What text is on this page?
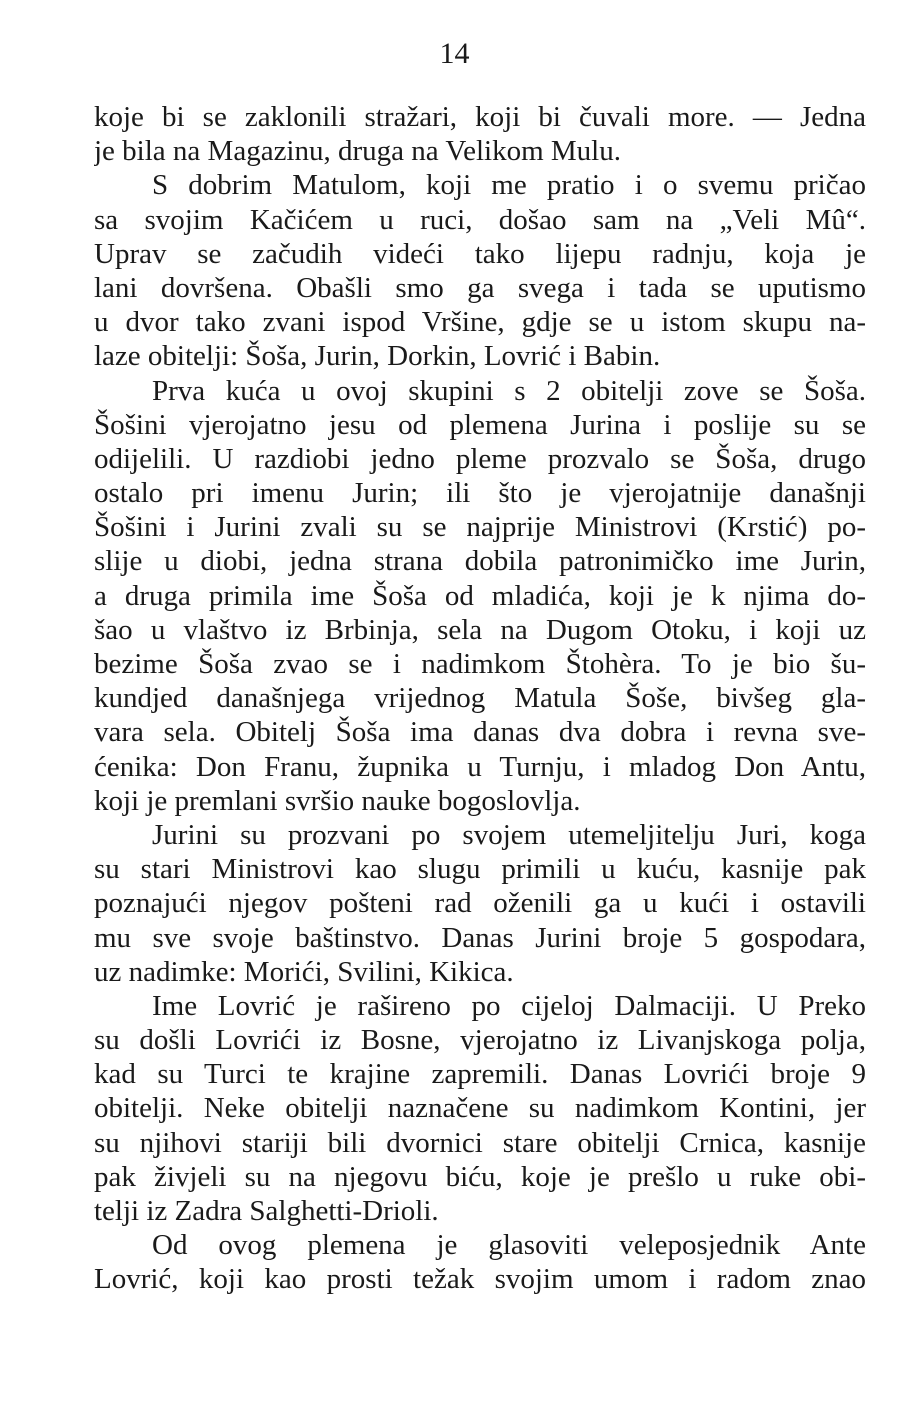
14
koje bi se zaklonili stražari, koji bi čuvali more. — Jedna
je bila na Magazinu, druga na Velikom Mulu.
S dobrim Matulom, koji me pratio i o svemu pričao
sa svojim Kačićem u ruci, došao sam na „Veli Mû“.
Uprav se začudih videći tako lijepu radnju, koja je
lani dovršena. Obašli smo ga svega i tada se uputismo
u dvor tako zvani ispod Vršine, gdje se u istom skupu na-
laze obitelji: Šoša, Jurin, Dorkin, Lovrić i Babin.
Prva kuća u ovoj skupini s 2 obitelji zove se Šoša.
Šošini vjerojatno jesu od plemena Jurina i poslije su se
odijelili. U razdiobi jedno pleme prozvalo se Šoša, drugo
ostalo pri imenu Jurin; ili što je vjerojatnije današnji
Šošini i Jurini zvali su se najprije Ministrovi (Krstić) po-
slije u diobi, jedna strana dobila patronimičko ime Jurin,
a druga primila ime Šoša od mladića, koji je k njima do-
šao u vlaštvo iz Brbinja, sela na Dugom Otoku, i koji uz
bezime Šoša zvao se i nadimkom Štohèra. To je bio šu-
kundjed današnjega vrijednog Matula Šoše, bivšeg gla-
vara sela. Obitelj Šoša ima danas dva dobra i revna sve-
ćenika: Don Franu, župnika u Turnju, i mladog Don Antu,
koji je premlani svršio nauke bogoslovlja.
Jurini su prozvani po svojem utemeljitelju Juri, koga
su stari Ministrovi kao slugu primili u kuću, kasnije pak
poznajući njegov pošteni rad oženili ga u kući i ostavili
mu sve svoje baštinstvo. Danas Jurini broje 5 gospodara,
uz nadimke: Morići, Svilini, Kikica.
Ime Lovrić je rašireno po cijeloj Dalmaciji. U Preko
su došli Lovrići iz Bosne, vjerojatno iz Livanjskoga polja,
kad su Turci te krajine zapremili. Danas Lovrići broje 9
obitelji. Neke obitelji naznačene su nadimkom Kontini, jer
su njihovi stariji bili dvornici stare obitelji Crnica, kasnije
pak živjeli su na njegovu biću, koje je prešlo u ruke obi-
telji iz Zadra Salghetti-Drioli.
Od ovog plemena je glasoviti veleposjednik Ante
Lovrić, koji kao prosti težak svojim umom i radom znao
